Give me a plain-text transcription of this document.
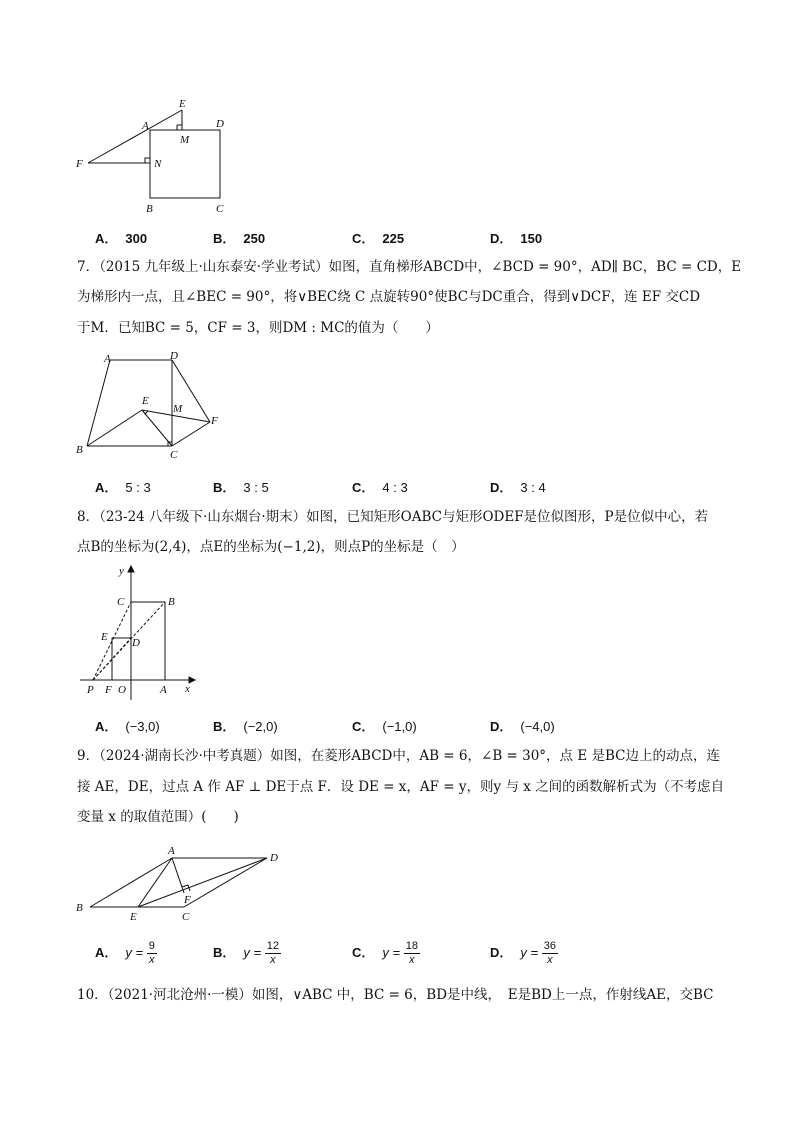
E
A	D
M
F	N
B	C
A． 300	B． 250	C． 225	D． 150
7．（2015 九年级上·山东泰安·学业考试）如图，直角梯形ABCD中，∠BCD = 90°，AD∥ BC，BC = CD，E
为梯形内一点，且∠BEC = 90°，将∨BEC绕 C 点旋转90°使BC与DC重合，得到∨DCF，连 EF 交CD
于M．已知BC = 5，CF = 3，则DM : MC的值为（　　）
A	D
E
M
F
B	C
A． 5 : 3	B． 3 : 5	C． 4 : 3	D． 3 : 4
8．（23-24 八年级下·山东烟台·期末）如图，已知矩形OABC与矩形ODEF是位似图形，P是位似中心，若
点B的坐标为(2,4)，点E的坐标为(−1,2)，则点P的坐标是（　）
y
C	B
E D
P F O	A x
A． (−3,0)	B． (−2,0)	C． (−1,0)	D． (−4,0)
9．（2024·湖南长沙·中考真题）如图，在菱形ABCD中，AB = 6，∠B = 30°，点 E 是BC边上的动点，连
接 AE，DE，过点 A 作 AF ⊥ DE于点 F．设 DE = x，AF = y，则y 与 x 之间的函数解析式为（不考虑自
变量 x 的取值范围）(　　)
A
D
B
E
F
C
A． $y = \frac{9}{x}$	B． $y = \frac{12}{x}$	C． $y = \frac{18}{x}$	D． $y = \frac{36}{x}$
10．（2021·河北沧州·一模）如图，∨ABC 中，BC = 6，BD是中线，　E是BD上一点，作射线AE，交BC
